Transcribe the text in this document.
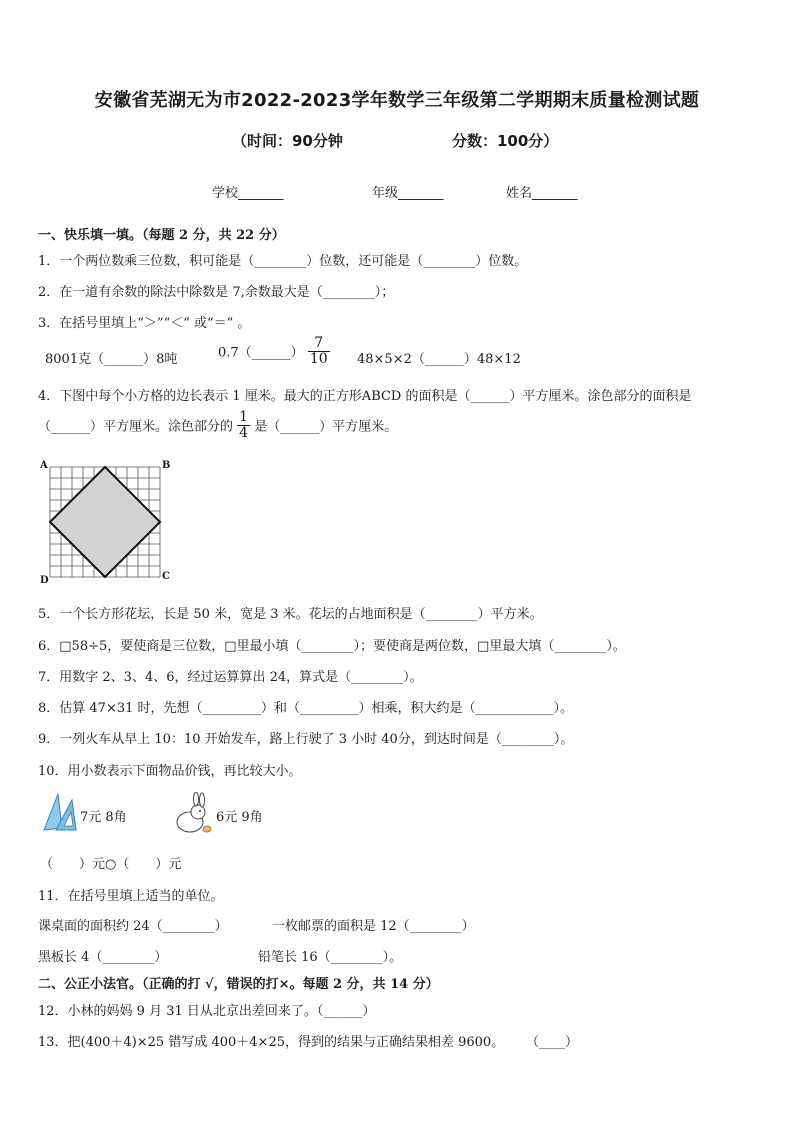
安徽省芜湖无为市2022-2023学年数学三年级第二学期期末质量检测试题
（时间：90分钟	分数：100分）
学校_______	年级_______	姓名_______
一、快乐填一填。（每题 2 分，共 22 分）
1．一个两位数乘三位数，积可能是（________）位数，还可能是（________）位数。
2．在一道有余数的除法中除数是 7,余数最大是（________）；
3．在括号里填上“＞”“＜” 或“＝” 。
8001克（______）8吨	0.7（______） $\frac{7}{10}$ 48×5×2（______）48×12
4．下图中每个小方格的边长表示 1 厘米。最大的正方形ABCD 的面积是（______）平方厘米。涂色部分的面积是
（______）平方厘米。涂色部分的 $\frac{1}{4}$ 是（______）平方厘米。
A	B
C
D
5．一个长方形花坛，长是 50 米，宽是 3 米。花坛的占地面积是（________）平方米。
6．□58÷5，要使商是三位数，□里最小填（________）；要使商是两位数，□里最大填（________）。
7．用数字 2、3、4、6，经过运算算出 24，算式是（________）。
8．估算 47×31 时，先想（_________）和（_________）相乘，积大约是（____________）。
9．一列火车从早上 10：10 开始发车，路上行驶了 3 小时 40分，到达时间是（________）。
10．用小数表示下面物品价钱，再比较大小。
7元 8角	6元 9角
（　　）元○（　　）元
11．在括号里填上适当的单位。
课桌面的面积约 24（________）	一枚邮票的面积是 12（________）
黑板长 4（________）	铅笔长 16（________）。
二、公正小法官。（正确的打 √，错误的打×。每题 2 分，共 14 分）
12．小林的妈妈 9 月 31 日从北京出差回来了。（______）
13．把(400＋4)×25 错写成 400＋4×25，得到的结果与正确结果相差 9600。 （____）
